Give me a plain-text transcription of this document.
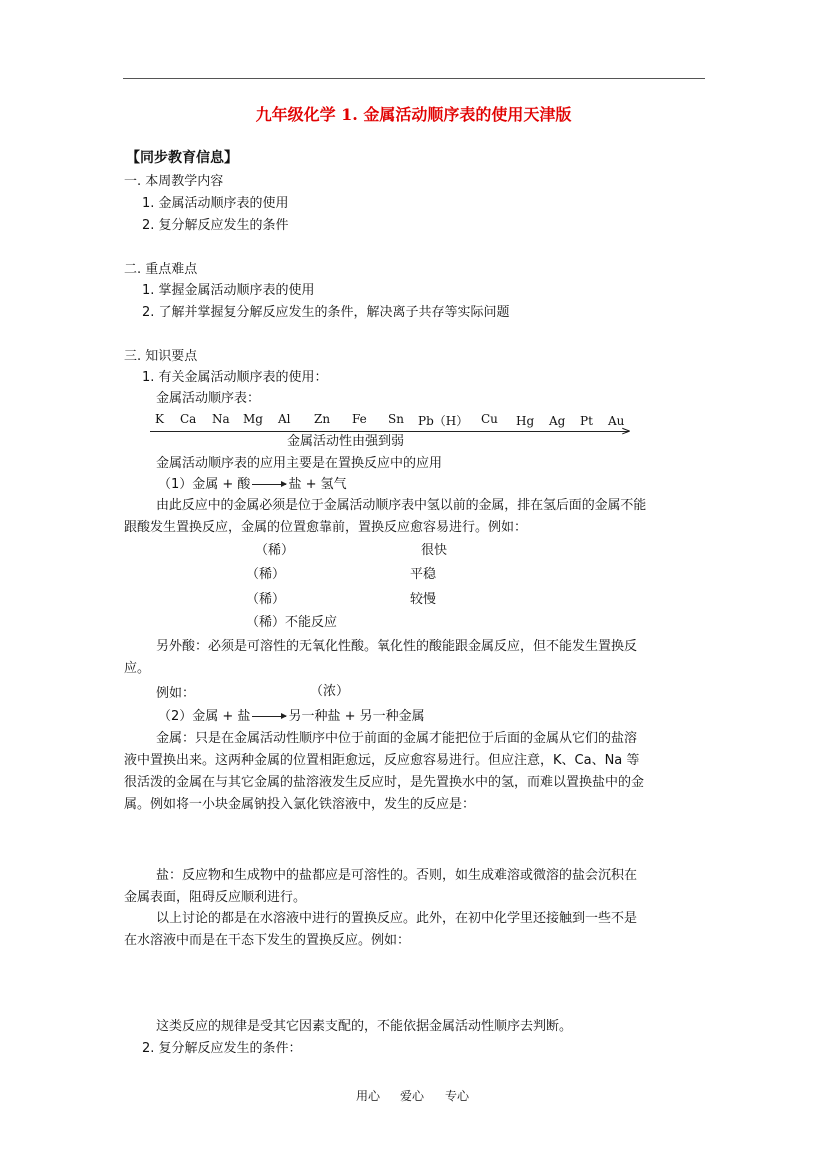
九年级化学 1. 金属活动顺序表的使用天津版
【同步教育信息】
一. 本周教学内容
1. 金属活动顺序表的使用
2. 复分解反应发生的条件
二. 重点难点
1. 掌握金属活动顺序表的使用
2. 了解并掌握复分解反应发生的条件，解决离子共存等实际问题
三. 知识要点
1. 有关金属活动顺序表的使用：
金属活动顺序表：
K Ca Na Mg Al Zn Fe Sn Pb（H） Cu Hg Ag Pt Au
>
金属活动性由强到弱
金属活动顺序表的应用主要是在置换反应中的应用
（1）金属 + 酸 → 盐 + 氢气
由此反应中的金属必须是位于金属活动顺序表中氢以前的金属，排在氢后面的金属不能
跟酸发生置换反应，金属的位置愈靠前，置换反应愈容易进行。例如：
（稀）	很快
（稀）	平稳
（稀）	较慢
（稀）不能反应
另外酸：必须是可溶性的无氧化性酸。氧化性的酸能跟金属反应，但不能发生置换反
应。
例如：	（浓）
（2）金属 + 盐 → 另一种盐 + 另一种金属
金属：只是在金属活动性顺序中位于前面的金属才能把位于后面的金属从它们的盐溶
液中置换出来。这两种金属的位置相距愈远，反应愈容易进行。但应注意，K、Ca、Na 等
很活泼的金属在与其它金属的盐溶液发生反应时，是先置换水中的氢，而难以置换盐中的金
属。例如将一小块金属钠投入氯化铁溶液中，发生的反应是：
盐：反应物和生成物中的盐都应是可溶性的。否则，如生成难溶或微溶的盐会沉积在
金属表面，阻碍反应顺利进行。
以上讨论的都是在水溶液中进行的置换反应。此外，在初中化学里还接触到一些不是
在水溶液中而是在干态下发生的置换反应。例如：
这类反应的规律是受其它因素支配的，不能依据金属活动性顺序去判断。
2. 复分解反应发生的条件：
用心 爱心 专心
